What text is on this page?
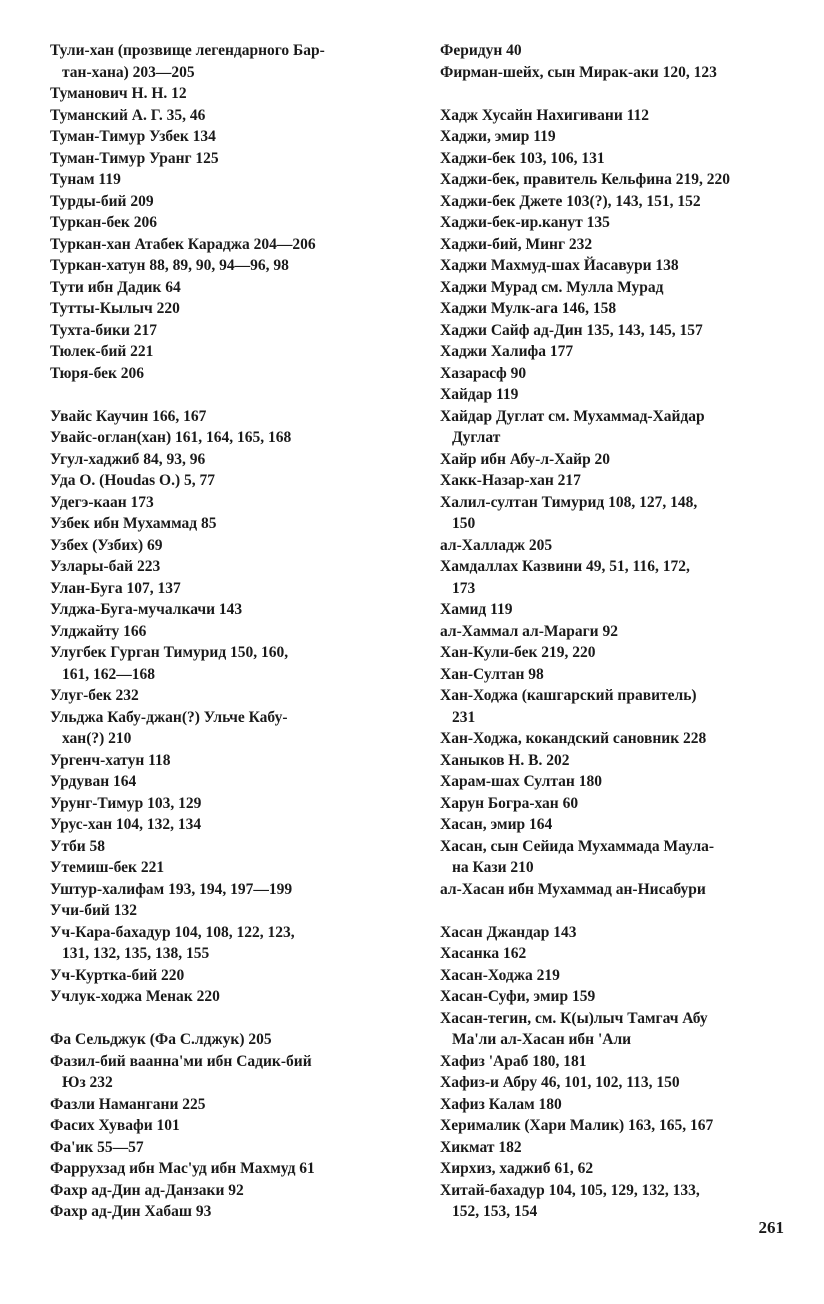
Тули-хан (прозвище легендарного Бар-
тан-хана) 203—205
Туманович Н. Н. 12
Туманский А. Г. 35, 46
Туман-Тимур Узбек 134
Туман-Тимур Уранг 125
Тунам 119
Турды-бий 209
Туркан-бек 206
Туркан-хан Атабек Караджа 204—206
Туркан-хатун 88, 89, 90, 94—96, 98
Тути ибн Дадик 64
Тутты-Кылыч 220
Тухта-бики 217
Тюлек-бий 221
Тюря-бек 206
Увайс Каучин 166, 167
Увайс-оглан(хан) 161, 164, 165, 168
Угул-хаджиб 84, 93, 96
Уда О. (Houdas O.) 5, 77
Удегэ-каан 173
Узбек ибн Мухаммад 85
Узбех (Узбих) 69
Узлары-бай 223
Улан-Буга 107, 137
Улджа-Буга-мучалкачи 143
Улджайту 166
Улугбек Гурган Тимурид 150, 160,
161, 162—168
Улуг-бек 232
Ульджа Кабу-джан(?) Ульче Кабу-
хан(?) 210
Ургенч-хатун 118
Урдуван 164
Урунг-Тимур 103, 129
Урус-хан 104, 132, 134
Утби 58
Утемиш-бек 221
Уштур-халифам 193, 194, 197—199
Учи-бий 132
Уч-Кара-бахадур 104, 108, 122, 123,
131, 132, 135, 138, 155
Уч-Куртка-бий 220
Учлук-ходжа Менак 220
Фа Сельджук (Фа С.лджук) 205
Фазил-бий ваанна'ми ибн Садик-бий
Юз 232
Фазли Намангани 225
Фасих Хувафи 101
Фа'ик 55—57
Фаррухзад ибн Мас'уд ибн Махмуд 61
Фахр ад-Дин ад-Данзаки 92
Фахр ад-Дин Хабаш 93
Феридун 40
Фирман-шейх, сын Мирак-аки 120, 123
Хадж Хусайн Нахигивани 112
Хаджи, эмир 119
Хаджи-бек 103, 106, 131
Хаджи-бек, правитель Кельфина 219, 220
Хаджи-бек Джете 103(?), 143, 151, 152
Хаджи-бек-ир.канут 135
Хаджи-бий, Минг 232
Хаджи Махмуд-шах Йасавури 138
Хаджи Мурад см. Мулла Мурад
Хаджи Мулк-ага 146, 158
Хаджи Сайф ад-Дин 135, 143, 145, 157
Хаджи Халифа 177
Хазарасф 90
Хайдар 119
Хайдар Дуглат см. Мухаммад-Хайдар
Дуглат
Хайр ибн Абу-л-Хайр 20
Хакк-Назар-хан 217
Халил-султан Тимурид 108, 127, 148,
150
ал-Халладж 205
Хамдаллах Казвини 49, 51, 116, 172,
173
Хамид 119
ал-Хаммал ал-Мараги 92
Хан-Кули-бек 219, 220
Хан-Султан 98
Хан-Ходжа (кашгарский правитель)
231
Хан-Ходжа, кокандский сановник 228
Ханыков Н. В. 202
Харам-шах Султан 180
Харун Богра-хан 60
Хасан, эмир 164
Хасан, сын Сейида Мухаммада Маула-
на Кази 210
ал-Хасан ибн Мухаммад ан-Нисабури
Хасан Джандар 143
Хасанка 162
Хасан-Ходжа 219
Хасан-Суфи, эмир 159
Хасан-тегин, см. К(ы)лыч Тамгач Абу
Ма'ли ал-Хасан ибн 'Али
Хафиз 'Араб 180, 181
Хафиз-и Абру 46, 101, 102, 113, 150
Хафиз Калам 180
Херималик (Хари Малик) 163, 165, 167
Хикмат 182
Хирхиз, хаджиб 61, 62
Хитай-бахадур 104, 105, 129, 132, 133,
152, 153, 154
261
